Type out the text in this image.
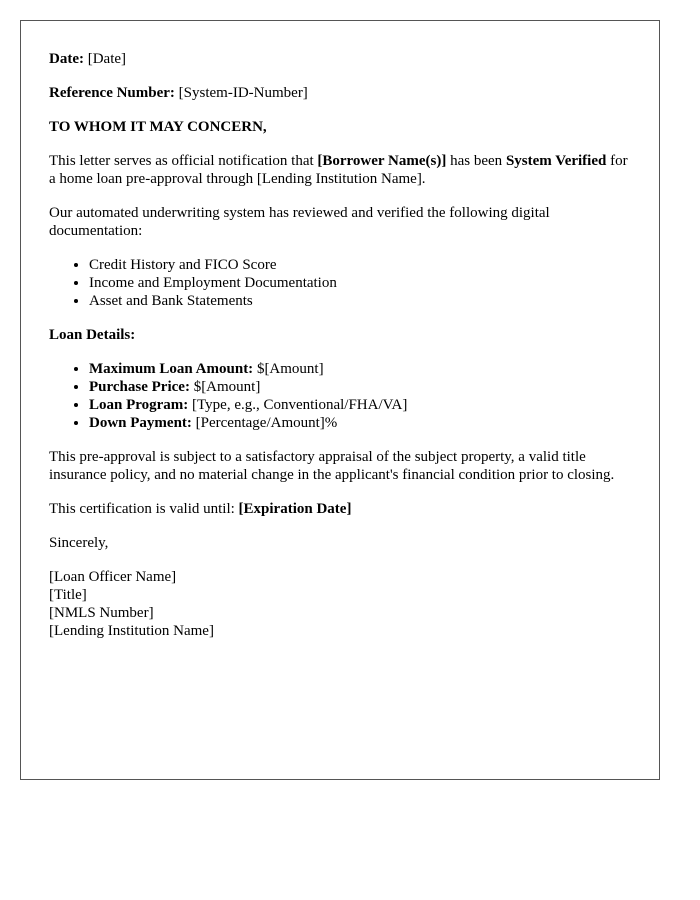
Date: [Date]

Reference Number: [System-ID-Number]

TO WHOM IT MAY CONCERN,

This letter serves as official notification that [Borrower Name(s)] has been System Verified for a home loan pre-approval through [Lending Institution Name].

Our automated underwriting system has reviewed and verified the following digital documentation:

• Credit History and FICO Score
• Income and Employment Documentation
• Asset and Bank Statements

Loan Details:

• Maximum Loan Amount: $[Amount]
• Purchase Price: $[Amount]
• Loan Program: [Type, e.g., Conventional/FHA/VA]
• Down Payment: [Percentage/Amount]%

This pre-approval is subject to a satisfactory appraisal of the subject property, a valid title insurance policy, and no material change in the applicant's financial condition prior to closing.

This certification is valid until: [Expiration Date]

Sincerely,

[Loan Officer Name]
[Title]
[NMLS Number]
[Lending Institution Name]
